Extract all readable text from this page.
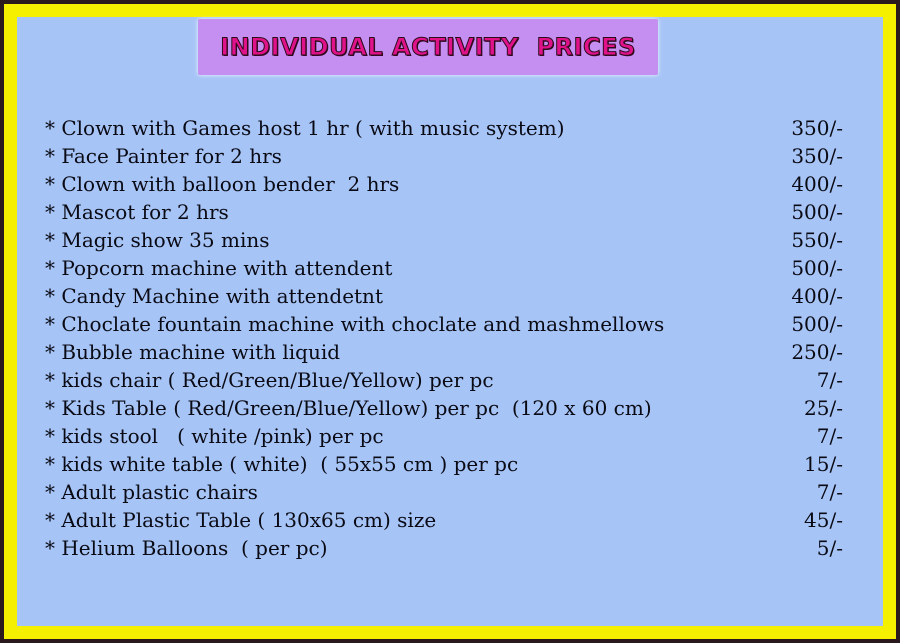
INDIVIDUAL ACTIVITY  PRICES
* Clown with Games host 1 hr ( with music system)	350/-
* Face Painter for 2 hrs	350/-
* Clown with balloon bender  2 hrs	400/-
* Mascot for 2 hrs	500/-
* Magic show 35 mins	550/-
* Popcorn machine with attendent	500/-
* Candy Machine with attendetnt	400/-
* Choclate fountain machine with choclate and mashmellows	500/-
* Bubble machine with liquid	250/-
* kids chair ( Red/Green/Blue/Yellow) per pc	7/-
* Kids Table ( Red/Green/Blue/Yellow) per pc  (120 x 60 cm)	25/-
* kids stool   ( white /pink) per pc	7/-
* kids white table ( white)  ( 55x55 cm ) per pc	15/-
* Adult plastic chairs	7/-
* Adult Plastic Table ( 130x65 cm) size	45/-
* Helium Balloons  ( per pc)	5/-
